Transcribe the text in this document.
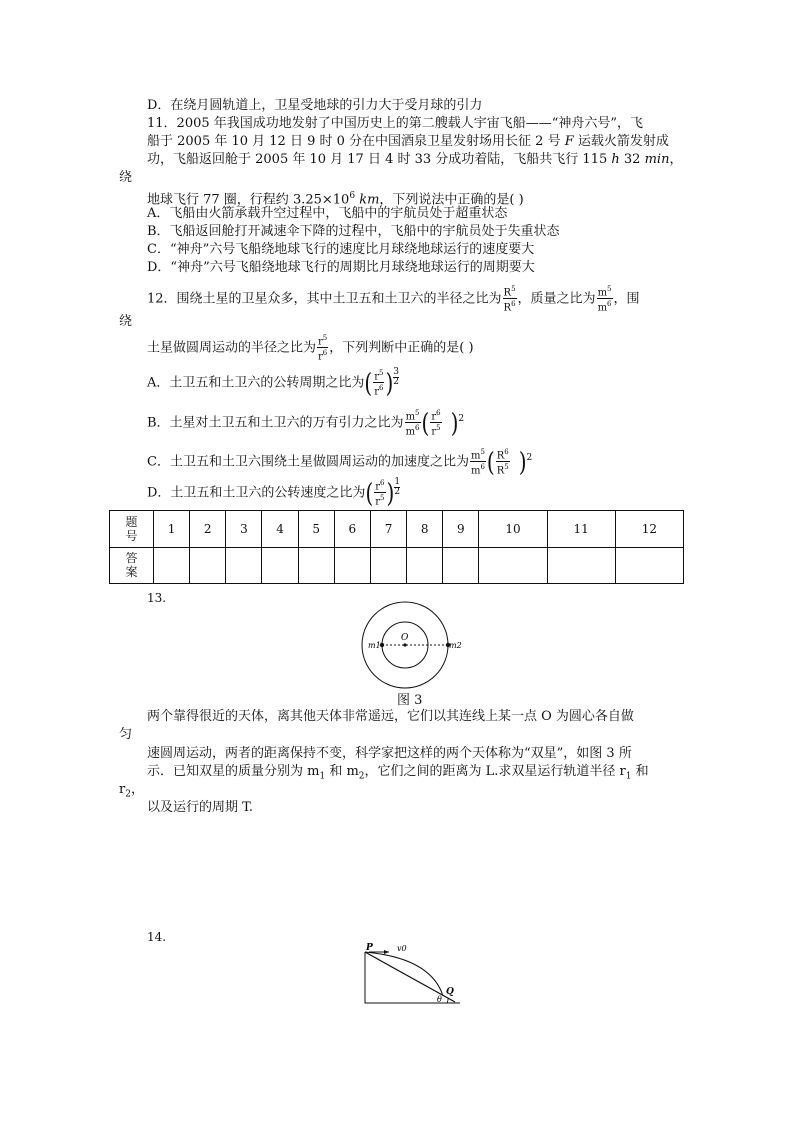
D．在绕月圆轨道上，卫星受地球的引力大于受月球的引力
11．2005 年我国成功地发射了中国历史上的第二艘载人宇宙飞船——“神舟六号”，飞
船于 2005 年 10 月 12 日 9 时 0 分在中国酒泉卫星发射场用长征 2 号 F 运载火箭发射成
功，飞船返回舱于 2005 年 10 月 17 日 4 时 33 分成功着陆，飞船共飞行 115 h 32 min，
绕
地球飞行 77 圈，行程约 $3.25\times 10^6$ km，下列说法中正确的是( )
A．飞船由火箭承载升空过程中，飞船中的宇航员处于超重状态
B．飞船返回舱打开减速伞下降的过程中，飞船中的宇航员处于失重状态
C．“神舟”六号飞船绕地球飞行的速度比月球绕地球运行的速度要大
D．“神舟”六号飞船绕地球飞行的周期比月球绕地球运行的周期要大
12．围绕土星的卫星众多，其中土卫五和土卫六的半径之比为 $\frac{R^5}{R^6}$ ，质量之比为 $\frac{m^5}{m^6}$ ，围
绕
土星做圆周运动的半径之比为 $\frac{r^5}{r^6}$ ，下列判断中正确的是( )
A．土卫五和土卫六的公转周期之比为( $\frac{r^5}{r^6}$ ) $\frac{3}{2}$
B．土星对土卫五和土卫六的万有引力之比为 $\frac{m^5}{m^6}$ ( $\frac{r^6}{r^5} )^2$
C．土卫五和土卫六围绕土星做圆周运动的加速度之比为 $\frac{m^5}{m^6}$ ( $\frac{R^6}{R^5} )^2$
D．土卫五和土卫六的公转速度之比为( $\frac{r^6}{r^5}$ ) $\frac{1}{2}$
题
号	1	2	3	4	5	6	7	8	9	10	11	12
答
案												
13.
O
m1	m2
图 3
两个靠得很近的天体，离其他天体非常遥远，它们以其连线上某一点 O 为圆心各自做
匀
速圆周运动，两者的距离保持不变，科学家把这样的两个天体称为“双星”，如图 3 所
示．已知双星的质量分别为 $m_1$ 和 $m_2$，它们之间的距离为 L.求双星运行轨道半径 $r_1$ 和
$r_2$，
以及运行的周期 T.
14.
P	v0
Q
θ
